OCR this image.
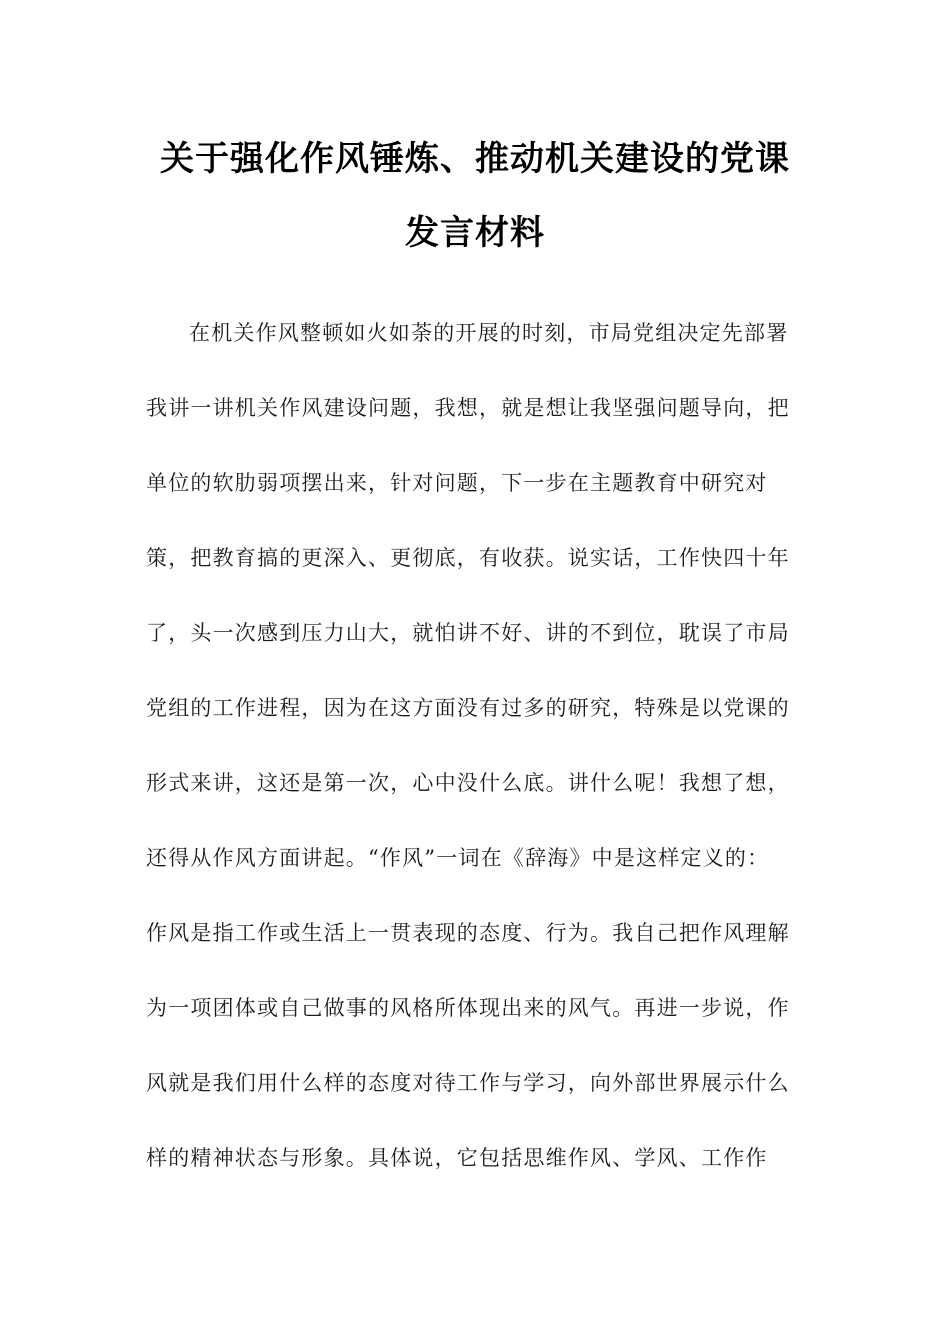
关于强化作风锤炼、推动机关建设的党课
发言材料
在机关作风整顿如火如荼的开展的时刻，市局党组决定先部署
我讲一讲机关作风建设问题，我想，就是想让我坚强问题导向，把
单位的软肋弱项摆出来，针对问题，下一步在主题教育中研究对
策，把教育搞的更深入、更彻底，有收获。说实话，工作快四十年
了，头一次感到压力山大，就怕讲不好、讲的不到位，耽误了市局
党组的工作进程，因为在这方面没有过多的研究，特殊是以党课的
形式来讲，这还是第一次，心中没什么底。讲什么呢！我想了想，
还得从作风方面讲起。“作风”一词在《辞海》中是这样定义的：
作风是指工作或生活上一贯表现的态度、行为。我自己把作风理解
为一项团体或自己做事的风格所体现出来的风气。再进一步说，作
风就是我们用什么样的态度对待工作与学习，向外部世界展示什么
样的精神状态与形象。具体说，它包括思维作风、学风、工作作
